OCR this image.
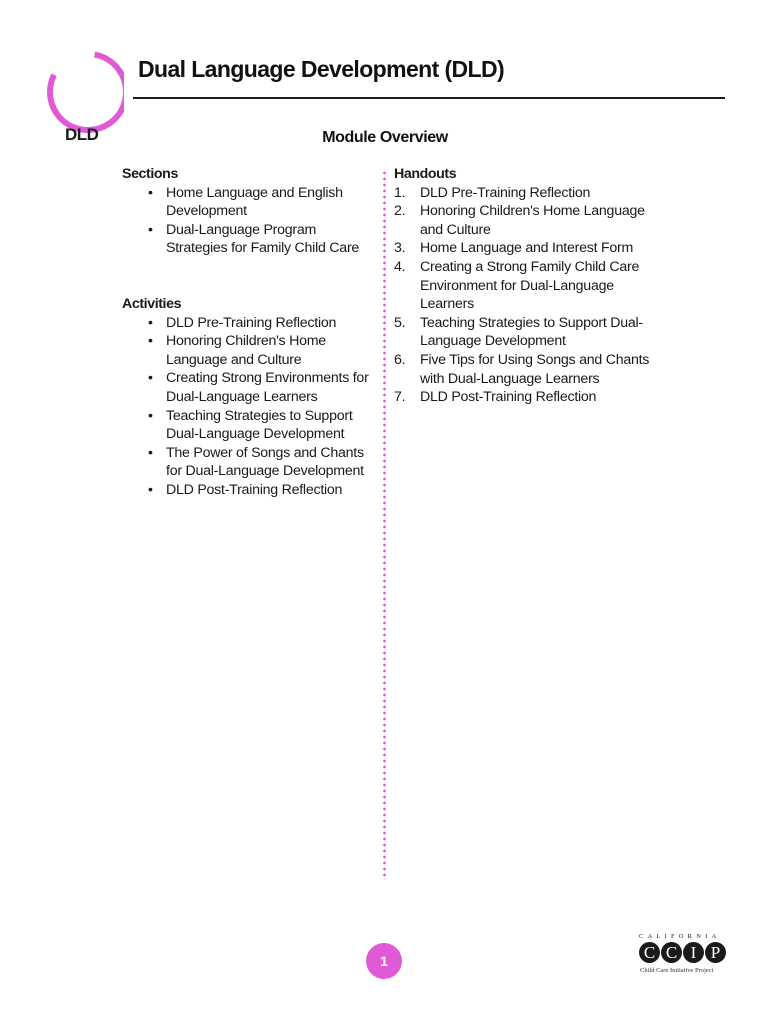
DLD
Dual Language Development (DLD)
Module Overview
Sections
• Home Language and English Development
• Dual-Language Program Strategies for Family Child Care
Activities
• DLD Pre-Training Reflection
• Honoring Children's Home Language and Culture
• Creating Strong Environments for Dual-Language Learners
• Teaching Strategies to Support Dual-Language Development
• The Power of Songs and Chants for Dual-Language Development
• DLD Post-Training Reflection
Handouts
1. DLD Pre-Training Reflection
2. Honoring Children's Home Language and Culture
3. Home Language and Interest Form
4. Creating a Strong Family Child Care Environment for Dual-Language Learners
5. Teaching Strategies to Support Dual-Language Development
6. Five Tips for Using Songs and Chants with Dual-Language Learners
7. DLD Post-Training Reflection
1
CALIFORNIA
C C I P
Child Care Initiative Project
